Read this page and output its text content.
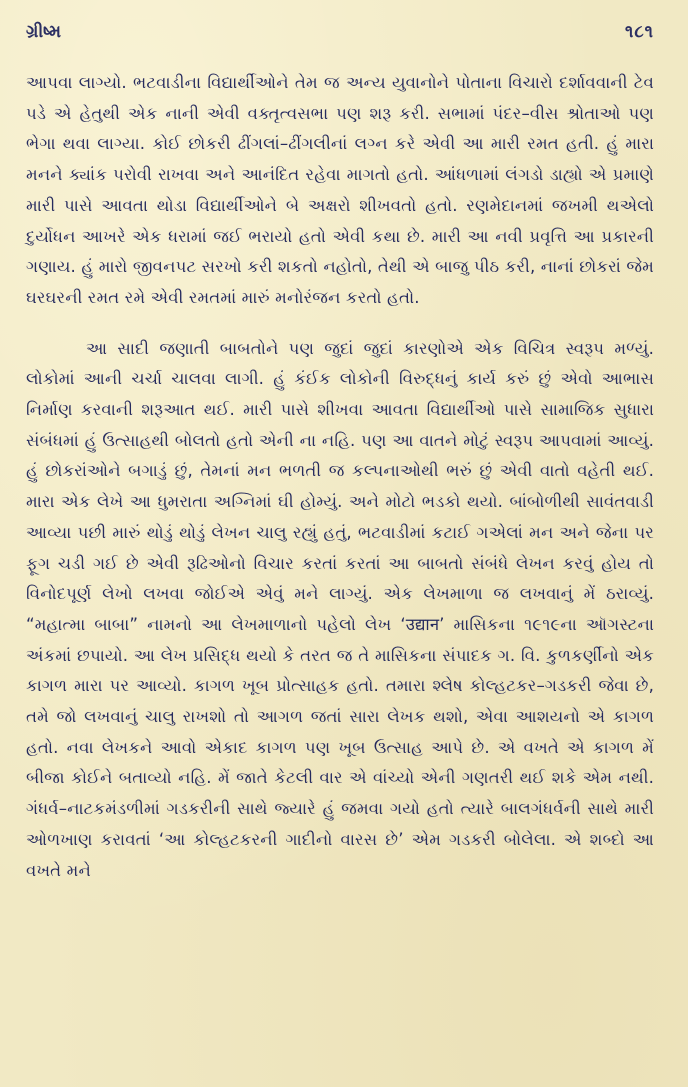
ગ્રીષ્મ	૧૮૧

આપવા લાગ્યો. ભટવાડીના વિદ્યાર્થીઓને તેમ જ અન્ય યુવાનોને પોતાના વિચારો દર્શાવવાની ટેવ પડે એ હેતુથી એક નાની એવી વક્તૃત્વસભા પણ શરૂ કરી. સભામાં પંદર–વીસ શ્રોતાઓ પણ ભેગા થવા લાગ્યા. કોઈ છોકરી ઢીંગલાં–ઢીંગલીનાં લગ્ન કરે એવી આ મારી રમત હતી. હું મારા મનને ક્યાંક પરોવી રાખવા અને આનંદિત રહેવા માગતો હતો. આંધળામાં લંગડો ડાહ્યો એ પ્રમાણે મારી પાસે આવતા થોડા વિદ્યાર્થીઓને બે અક્ષરો શીખવતો હતો. રણમેદાનમાં જખમી થએલો દુર્યોધન આખરે એક ધરામાં જઈ ભરાયો હતો એવી કથા છે. મારી આ નવી પ્રવૃત્તિ આ પ્રકારની ગણાય. હું મારો જીવનપટ સરખો કરી શકતો નહોતો, તેથી એ બાજુ પીઠ કરી, નાનાં છોકરાં જેમ ઘરઘરની રમત રમે એવી રમતમાં મારું મનોરંજન કરતો હતો.

આ સાદી જણાતી બાબતોને પણ જુદાં જુદાં કારણોએ એક વિચિત્ર સ્વરૂપ મળ્યું. લોકોમાં આની ચર્ચા ચાલવા લાગી. હું કંઈક લોકોની વિરુદ્ધનું કાર્ય કરું છું એવો આભાસ નિર્માણ કરવાની શરૂઆત થઈ. મારી પાસે શીખવા આવતા વિદ્યાર્થીઓ પાસે સામાજિક સુધારા સંબંધમાં હું ઉત્સાહથી બોલતો હતો એની ના નહિ. પણ આ વાતને મોટું સ્વરૂપ આપવામાં આવ્યું. હું છોકરાંઓને બગાડું છું, તેમનાં મન ભળતી જ કલ્પનાઓથી ભરું છું એવી વાતો વહેતી થઈ. મારા એક લેખે આ ધુમરાતા અગ્નિમાં ઘી હોમ્યું. અને મોટો ભડકો થયો. બાંબોળીથી સાવંતવાડી આવ્યા પછી મારું થોડું થોડું લેખન ચાલુ રહ્યું હતું, ભટવાડીમાં કટાઈ ગએલાં મન અને જેના પર ફૂગ ચડી ગઈ છે એવી રૂઢિઓનો વિચાર કરતાં કરતાં આ બાબતો સંબંધે લેખન કરવું હોય તો વિનોદપૂર્ણ લેખો લખવા જોઈએ એવું મને લાગ્યું. એક લેખમાળા જ લખવાનું મેં ઠરાવ્યું. “મહાત્મા બાબા” નામનો આ લેખમાળાનો પહેલો લેખ ‘उद्यान’ માસિકના ૧૯૧૯ના ઑગસ્ટના અંકમાં છપાયો. આ લેખ પ્રસિદ્ધ થયો કે તરત જ તે માસિકના સંપાદક ગ. વિ. કુળકર્ણીનો એક કાગળ મારા પર આવ્યો. કાગળ ખૂબ પ્રોત્સાહક હતો. તમારા શ્લેષ કોલ્હટકર–ગડકરી જેવા છે, તમે જો લખવાનું ચાલુ રાખશો તો આગળ જતાં સારા લેખક થશો, એવા આશયનો એ કાગળ હતો. નવા લેખકને આવો એકાદ કાગળ પણ ખૂબ ઉત્સાહ આપે છે. એ વખતે એ કાગળ મેં બીજા કોઈને બતાવ્યો નહિ. મેં જાતે કેટલી વાર એ વાંચ્યો એની ગણતરી થઈ શકે એમ નથી. ગંધર્વ–નાટકમંડળીમાં ગડકરીની સાથે જ્યારે હું જમવા ગયો હતો ત્યારે બાલગંધર્વની સાથે મારી ઓળખાણ કરાવતાં ‘આ કોલ્હટકરની ગાદીનો વારસ છે’ એમ ગડકરી બોલેલા. એ શબ્દો આ વખતે મને
